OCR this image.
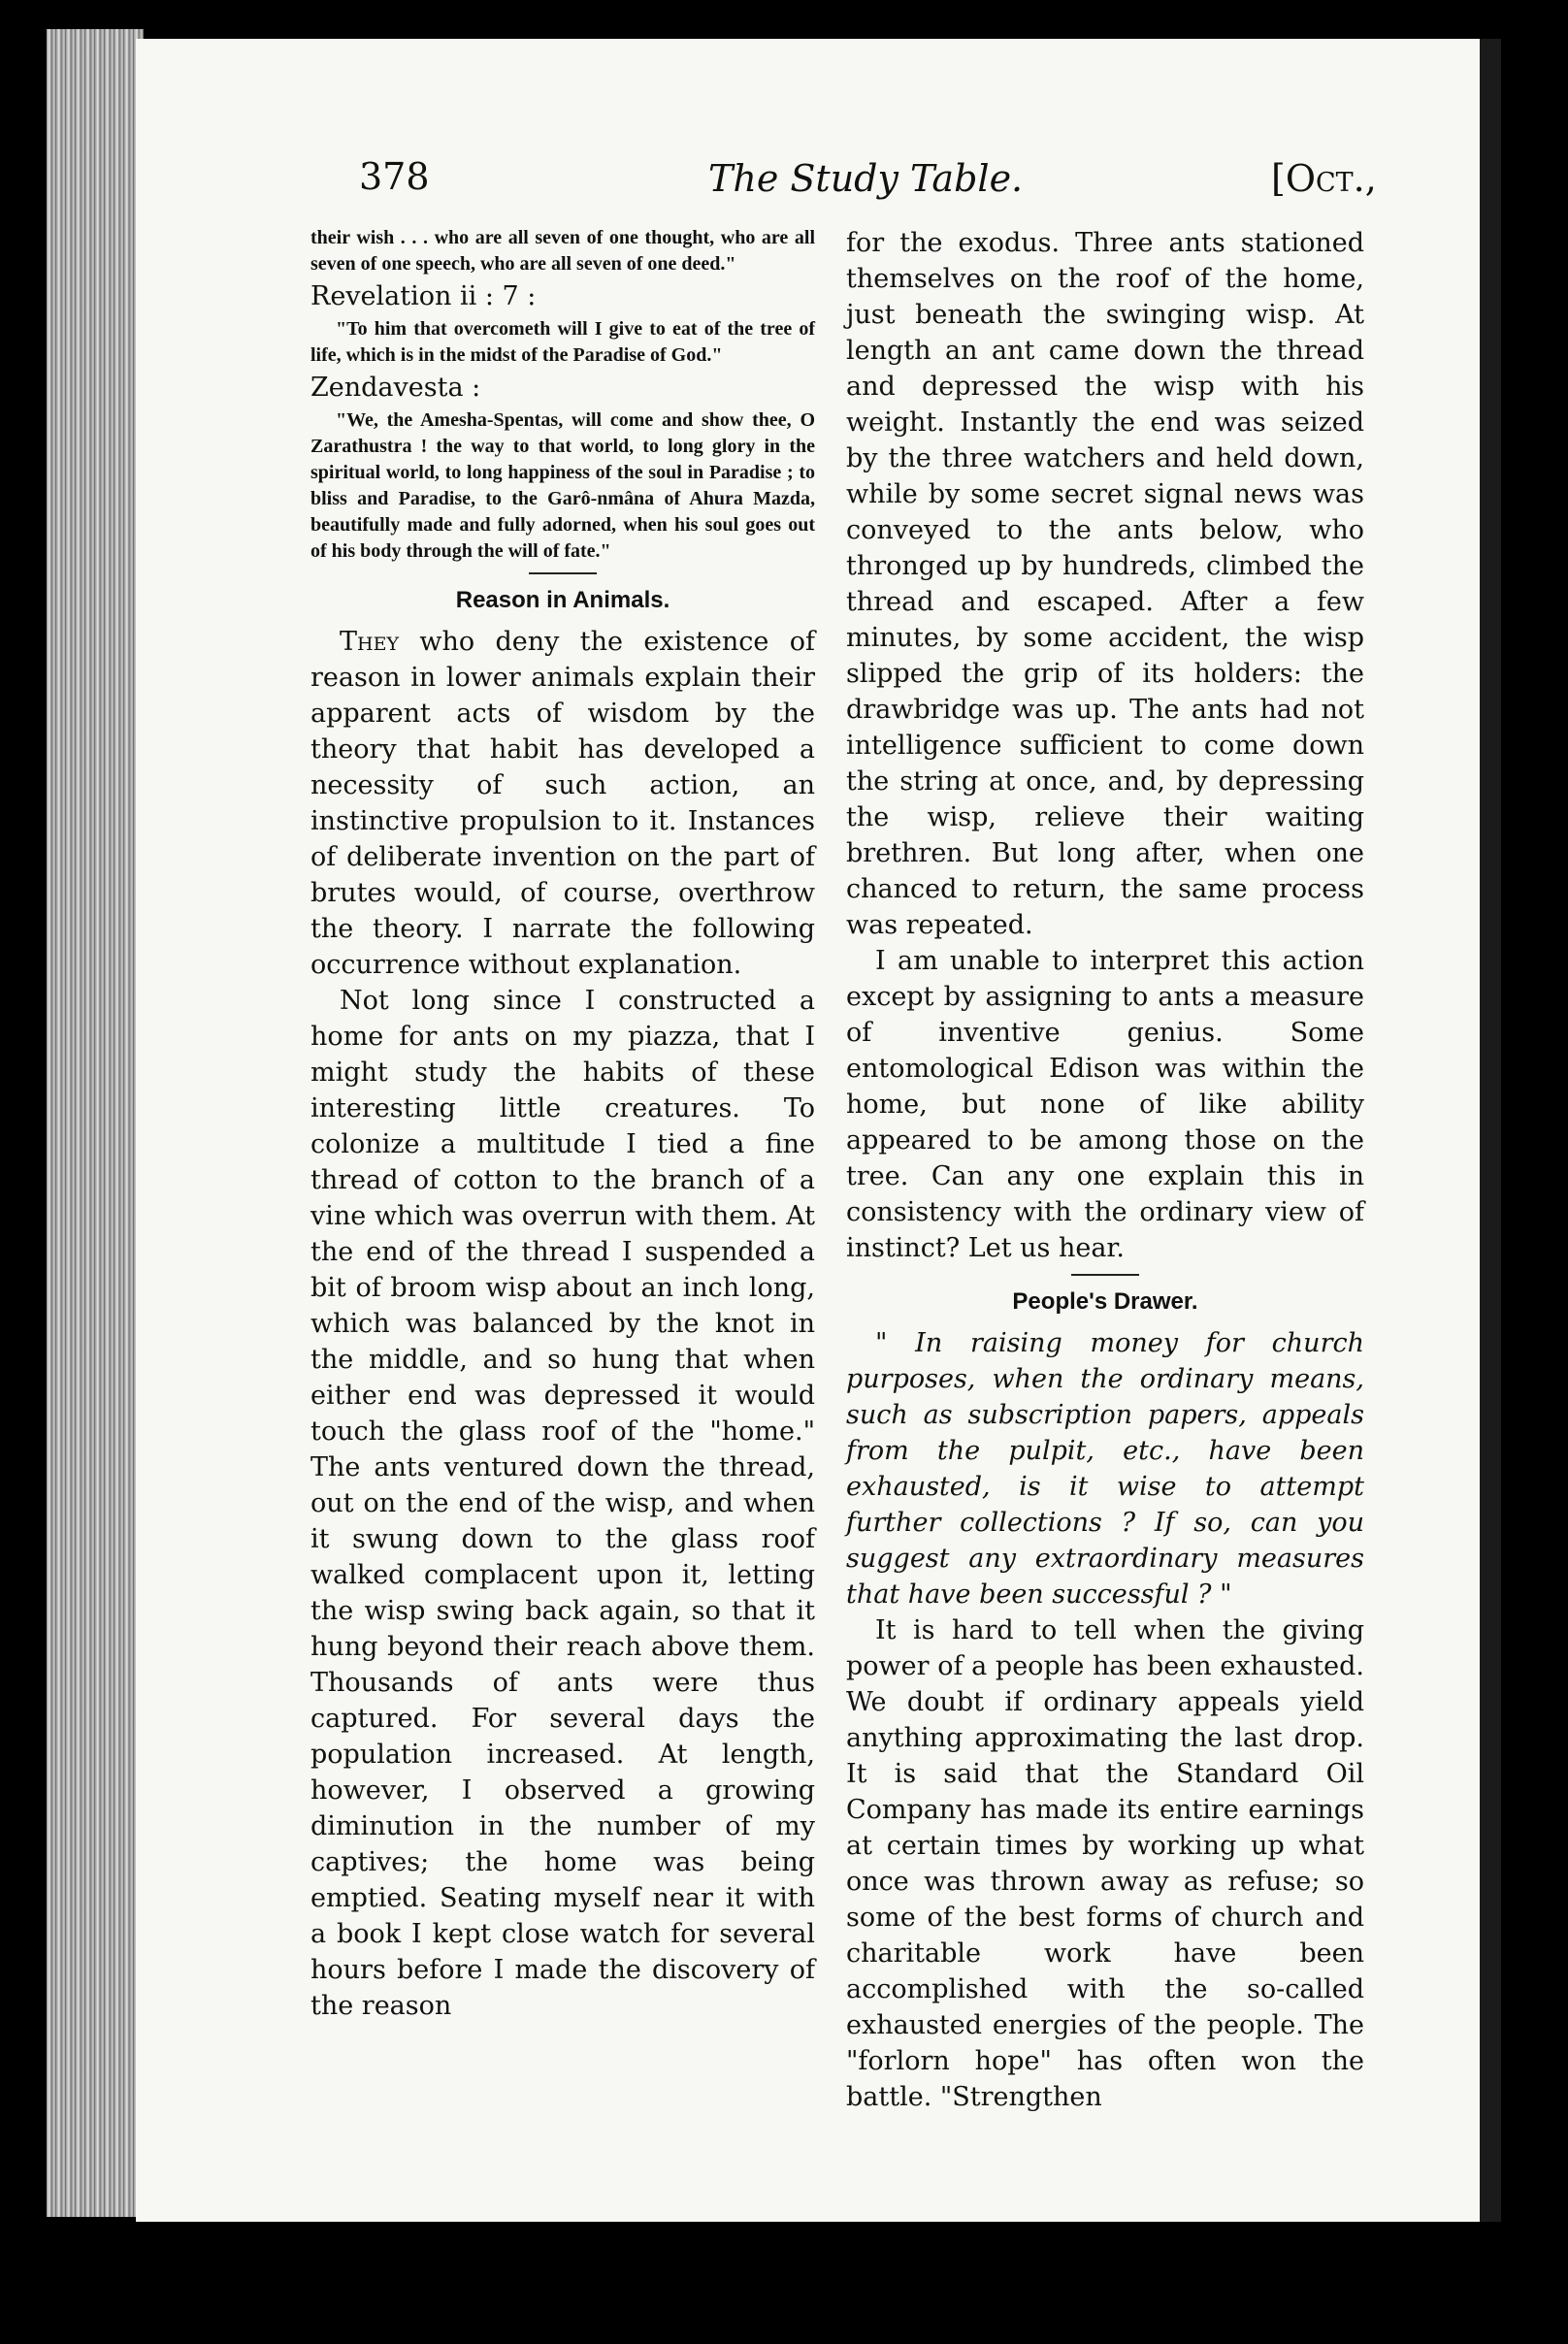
378	The Study Table.	[Oct.,

their wish . . . who are all seven of one thought, who are all seven of one speech, who are all seven of one deed."

Revelation ii : 7 :

"To him that overcometh will I give to eat of the tree of life, which is in the midst of the Paradise of God."

Zendavesta :

"We, the Amesha-Spentas, will come and show thee, O Zarathustra ! the way to that world, to long glory in the spiritual world, to long happiness of the soul in Paradise ; to bliss and Paradise, to the Garô-nmâna of Ahura Mazda, beautifully made and fully adorned, when his soul goes out of his body through the will of fate."

Reason in Animals.

They who deny the existence of reason in lower animals explain their apparent acts of wisdom by the theory that habit has developed a necessity of such action, an instinctive propulsion to it. Instances of deliberate invention on the part of brutes would, of course, overthrow the theory. I narrate the following occurrence without explanation.

Not long since I constructed a home for ants on my piazza, that I might study the habits of these interesting little creatures. To colonize a multitude I tied a fine thread of cotton to the branch of a vine which was overrun with them. At the end of the thread I suspended a bit of broom wisp about an inch long, which was balanced by the knot in the middle, and so hung that when either end was depressed it would touch the glass roof of the "home." The ants ventured down the thread, out on the end of the wisp, and when it swung down to the glass roof walked complacent upon it, letting the wisp swing back again, so that it hung beyond their reach above them. Thousands of ants were thus captured. For several days the population increased. At length, however, I observed a growing diminution in the number of my captives; the home was being emptied. Seating myself near it with a book I kept close watch for several hours before I made the discovery of the reason

for the exodus. Three ants stationed themselves on the roof of the home, just beneath the swinging wisp. At length an ant came down the thread and depressed the wisp with his weight. Instantly the end was seized by the three watchers and held down, while by some secret signal news was conveyed to the ants below, who thronged up by hundreds, climbed the thread and escaped. After a few minutes, by some accident, the wisp slipped the grip of its holders: the drawbridge was up. The ants had not intelligence sufficient to come down the string at once, and, by depressing the wisp, relieve their waiting brethren. But long after, when one chanced to return, the same process was repeated.

I am unable to interpret this action except by assigning to ants a measure of inventive genius. Some entomological Edison was within the home, but none of like ability appeared to be among those on the tree. Can any one explain this in consistency with the ordinary view of instinct? Let us hear.

People's Drawer.

" In raising money for church purposes, when the ordinary means, such as subscription papers, appeals from the pulpit, etc., have been exhausted, is it wise to attempt further collections ? If so, can you suggest any extraordinary measures that have been successful ? "

It is hard to tell when the giving power of a people has been exhausted. We doubt if ordinary appeals yield anything approximating the last drop. It is said that the Standard Oil Company has made its entire earnings at certain times by working up what once was thrown away as refuse; so some of the best forms of church and charitable work have been accomplished with the so-called exhausted energies of the people. The "forlorn hope" has often won the battle. "Strengthen
